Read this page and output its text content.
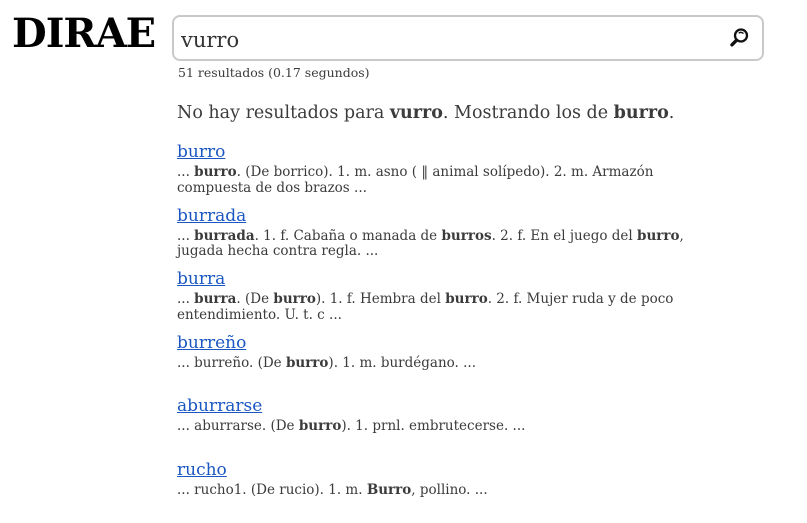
DIRAE
vurro
51 resultados (0.17 segundos)

No hay resultados para vurro. Mostrando los de burro.

burro
... burro. (De borrico). 1. m. asno ( ‖ animal solípedo). 2. m. Armazón compuesta de dos brazos ...
burrada
... burrada. 1. f. Cabaña o manada de burros. 2. f. En el juego del burro, jugada hecha contra regla. ...
burra
... burra. (De burro). 1. f. Hembra del burro. 2. f. Mujer ruda y de poco entendimiento. U. t. c ...
burreño
... burreño. (De burro). 1. m. burdégano. ...
aburrarse
... aburrarse. (De burro). 1. prnl. embrutecerse. ...
rucho
... rucho1. (De rucio). 1. m. Burro, pollino. ...
